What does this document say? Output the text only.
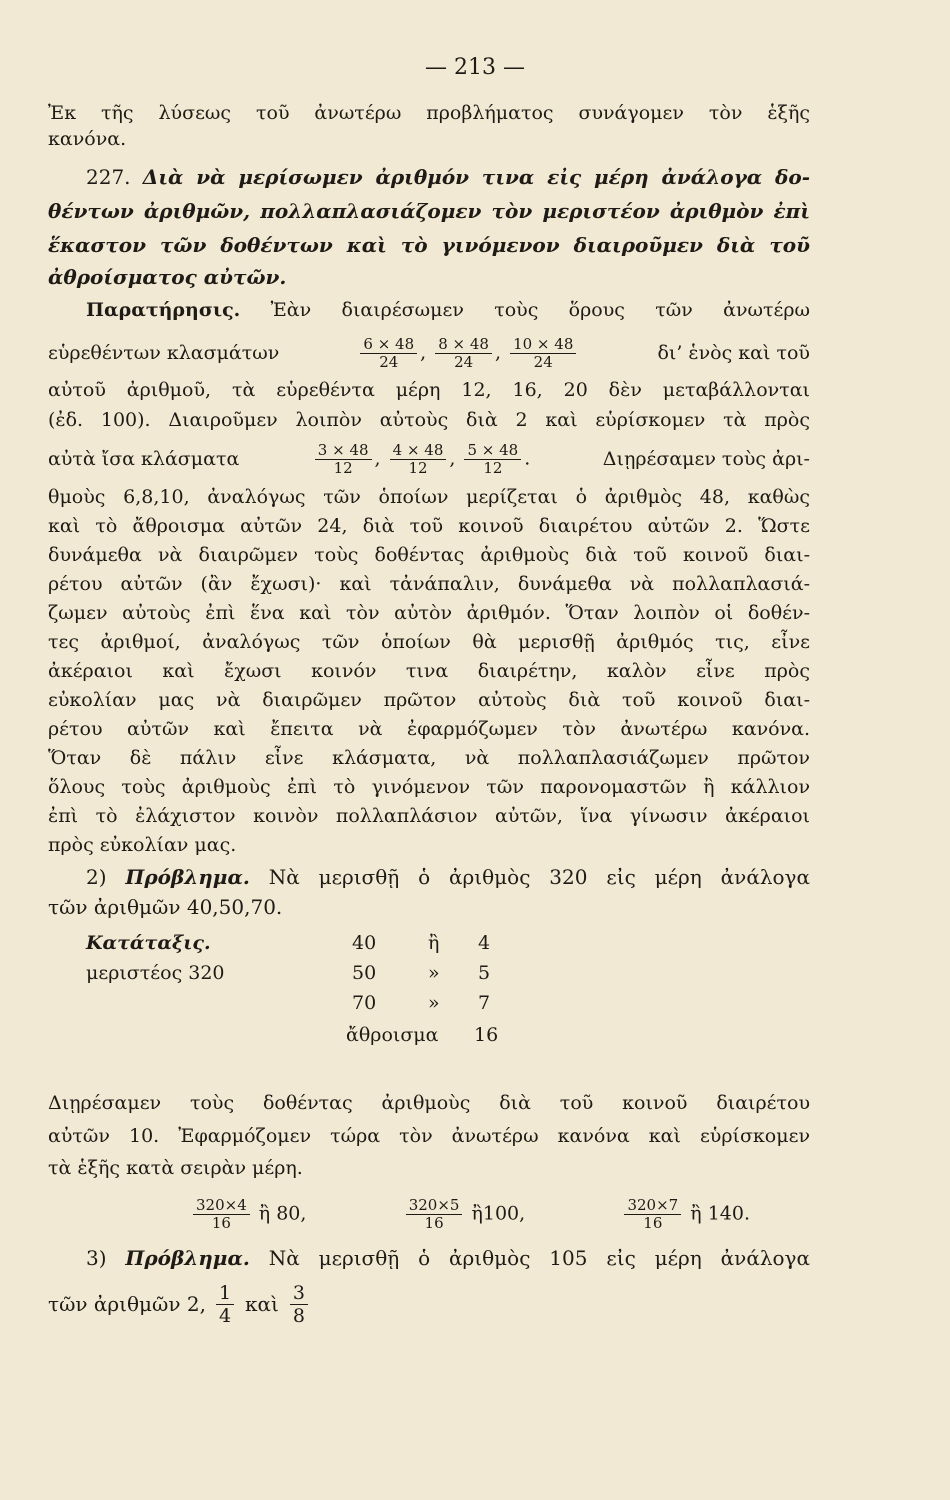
— 213 —
Ἐκ τῆς λύσεως τοῦ ἀνωτέρω προβλήματος συνάγομεν τὸν ἑξῆς
κανόνα.
227. Διὰ νὰ μερίσωμεν ἀριθμόν τινα εἰς μέρη ἀνάλογα δο-
θέντων ἀριθμῶν, πολλαπλασιάζομεν τὸν μεριστέον ἀριθμὸν ἐπὶ
ἕκαστον τῶν δοθέντων καὶ τὸ γινόμενον διαιροῦμεν διὰ τοῦ
ἀθροίσματος αὐτῶν.
Παρατήρησις. Ἐὰν διαιρέσωμεν τοὺς ὅρους τῶν ἀνωτέρω
εὑρεθέντων κλασμάτων	$\frac{6 \times 48}{24}$ , $\frac{8 \times 48}{24}$ , $\frac{10 \times 48}{24}$	δι’ ἑνὸς καὶ τοῦ
αὐτοῦ ἀριθμοῦ, τὰ εὑρεθέντα μέρη 12, 16, 20 δὲν μεταβάλλονται
(ἐδ. 100). Διαιροῦμεν λοιπὸν αὐτοὺς διὰ 2 καὶ εὑρίσκομεν τὰ πρὸς
αὐτὰ ἴσα κλάσματα	$\frac{3 \times 48}{12}$ , $\frac{4 \times 48}{12}$ , $\frac{5 \times 48}{12}$ .	Διῃρέσαμεν τοὺς ἀρι-
θμοὺς 6,8,10, ἀναλόγως τῶν ὁποίων μερίζεται ὁ ἀριθμὸς 48, καθὼς
καὶ τὸ ἄθροισμα αὐτῶν 24, διὰ τοῦ κοινοῦ διαιρέτου αὐτῶν 2. Ὥστε
δυνάμεθα νὰ διαιρῶμεν τοὺς δοθέντας ἀριθμοὺς διὰ τοῦ κοινοῦ διαι-
ρέτου αὐτῶν (ἂν ἔχωσι)· καὶ τἀνάπαλιν, δυνάμεθα νὰ πολλαπλασιά-
ζωμεν αὐτοὺς ἐπὶ ἕνα καὶ τὸν αὐτὸν ἀριθμόν. Ὅταν λοιπὸν οἱ δοθέν-
τες ἀριθμοί, ἀναλόγως τῶν ὁποίων θὰ μερισθῇ ἀριθμός τις, εἶνε
ἀκέραιοι καὶ ἔχωσι κοινόν τινα διαιρέτην, καλὸν εἶνε πρὸς
εὐκολίαν μας νὰ διαιρῶμεν πρῶτον αὐτοὺς διὰ τοῦ κοινοῦ διαι-
ρέτου αὐτῶν καὶ ἔπειτα νὰ ἐφαρμόζωμεν τὸν ἀνωτέρω κανόνα.
Ὅταν δὲ πάλιν εἶνε κλάσματα, νὰ πολλαπλασιάζωμεν πρῶτον
ὅλους τοὺς ἀριθμοὺς ἐπὶ τὸ γινόμενον τῶν παρονομαστῶν ἢ κάλλιον
ἐπὶ τὸ ἐλάχιστον κοινὸν πολλαπλάσιον αὐτῶν, ἵνα γίνωσιν ἀκέραιοι
πρὸς εὐκολίαν μας.
2) Πρόβλημα. Νὰ μερισθῇ ὁ ἀριθμὸς 320 εἰς μέρη ἀνάλογα
τῶν ἀριθμῶν 40,50,70.
Κατάταξις.
μεριστέος 320
40	ἢ 4
50	» 5
70	» 7
ἄθροισμα 16
Διῃρέσαμεν τοὺς δοθέντας ἀριθμοὺς διὰ τοῦ κοινοῦ διαιρέτου
αὐτῶν 10. Ἐφαρμόζομεν τώρα τὸν ἀνωτέρω κανόνα καὶ εὑρίσκομεν
τὰ ἑξῆς κατὰ σειρὰν μέρη.
$\frac{320\times 4}{16}$ ἢ 80,	$\frac{320\times 5}{16}$ ἢ100,	$\frac{320\times 7}{16}$ ἢ 140.
3) Πρόβλημα. Νὰ μερισθῇ ὁ ἀριθμὸς 105 εἰς μέρη ἀνάλογα
τῶν ἀριθμῶν 2, $\frac{1}{4}$ καὶ $\frac{3}{8}$
